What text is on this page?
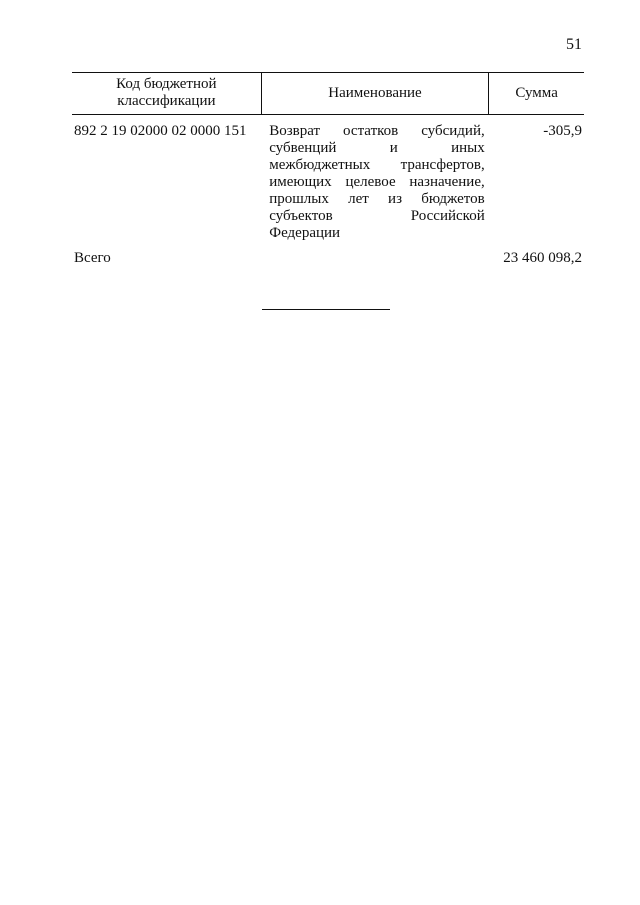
51
Код бюджетной классификации	Наименование	Сумма
892 2 19 02000 02 0000 151	Возврат остатков субсидий, субвенций и иных межбюджетных трансфертов, имеющих целевое назначение, прошлых лет из бюджетов субъектов Российской Федерации	-305,9
Всего		23 460 098,2
